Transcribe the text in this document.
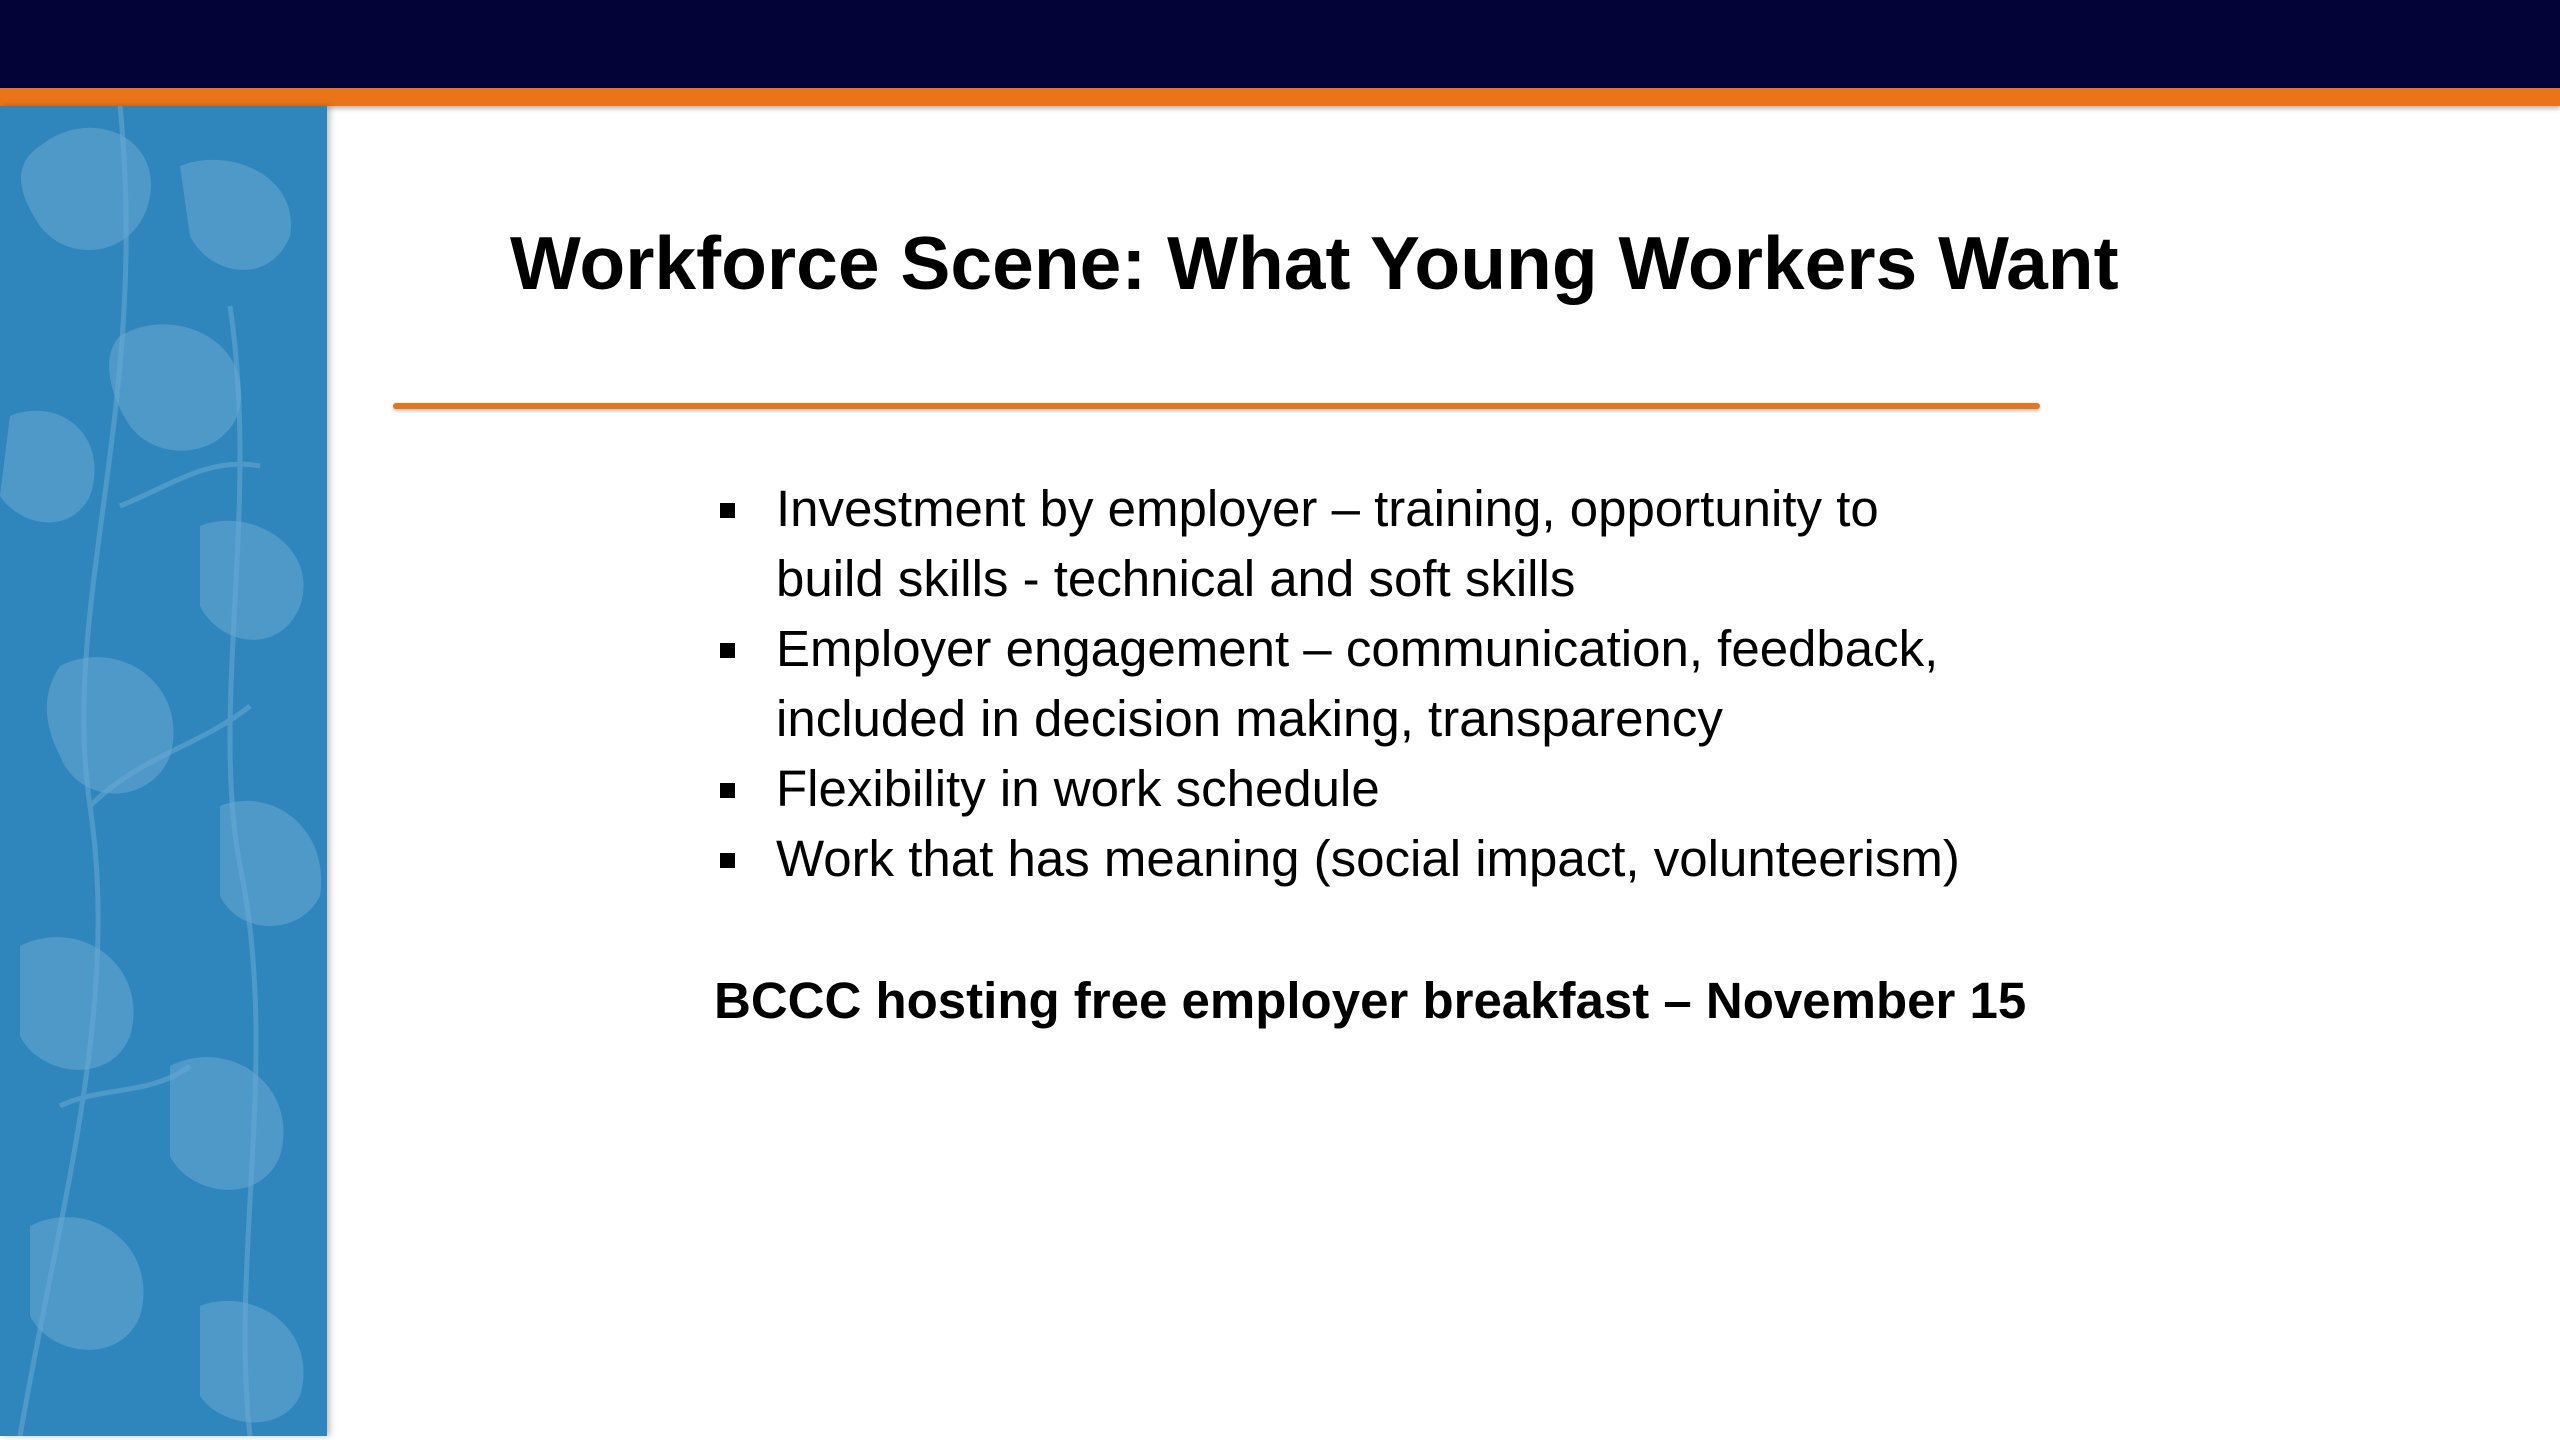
Workforce Scene: What Young Workers Want
Investment by employer – training, opportunity to
build skills - technical and soft skills
Employer engagement – communication, feedback,
included in decision making, transparency
Flexibility in work schedule
Work that has meaning (social impact, volunteerism)
BCCC hosting free employer breakfast – November 15
